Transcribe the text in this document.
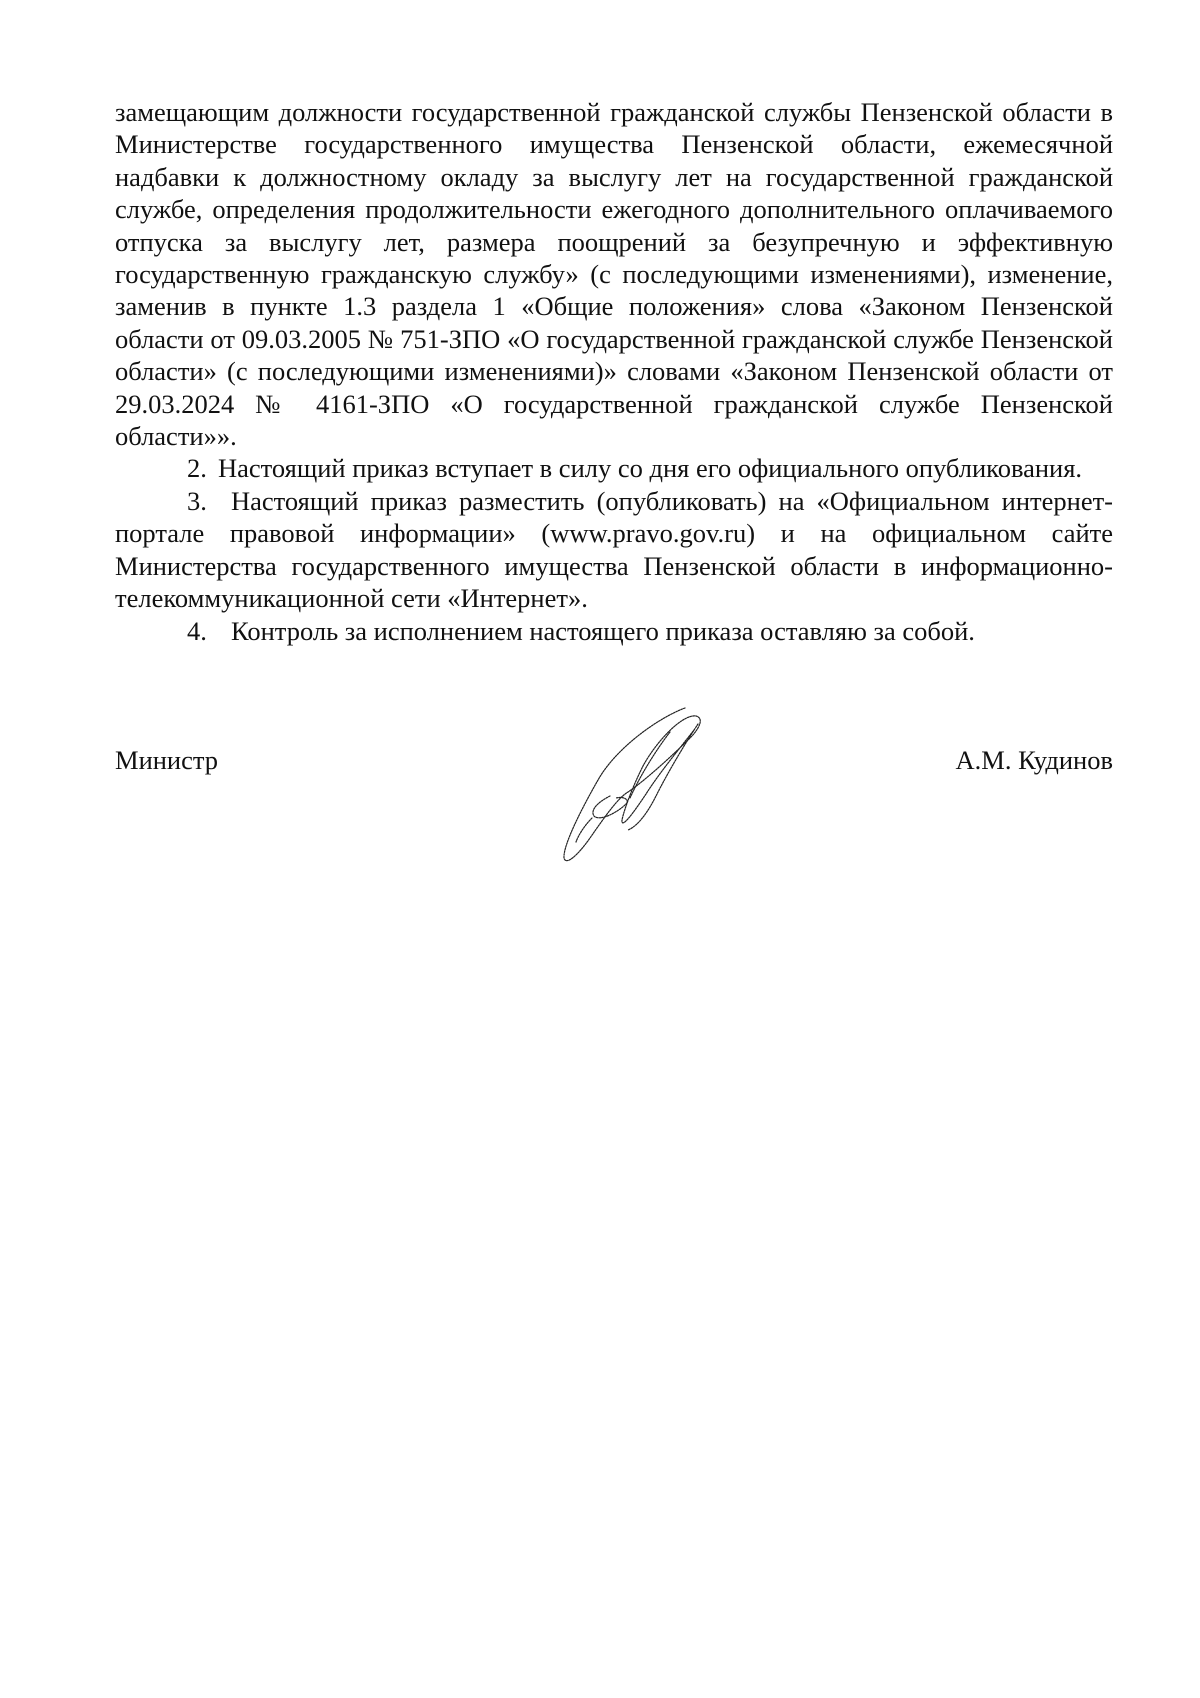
замещающим должности государственной гражданской службы Пензенской области в Министерстве государственного имущества Пензенской области, ежемесячной надбавки к должностному окладу за выслугу лет на государственной гражданской службе, определения продолжительности ежегодного дополнительного оплачиваемого отпуска за выслугу лет, размера поощрений за безупречную и эффективную государственную гражданскую службу» (с последующими изменениями), изменение, заменив в пункте 1.3 раздела 1 «Общие положения» слова «Законом Пензенской области от 09.03.2005 № 751-ЗПО «О государственной гражданской службе Пензенской области» (с последующими изменениями)» словами «Законом Пензенской области от 29.03.2024 № 4161-ЗПО «О государственной гражданской службе Пензенской области»».

2. Настоящий приказ вступает в силу со дня его официального опубликования.

3. Настоящий приказ разместить (опубликовать) на «Официальном интернет-портале правовой информации» (www.pravo.gov.ru) и на официальном сайте Министерства государственного имущества Пензенской области в информационно-телекоммуникационной сети «Интернет».

4. Контроль за исполнением настоящего приказа оставляю за собой.

Министр	А.М. Кудинов
